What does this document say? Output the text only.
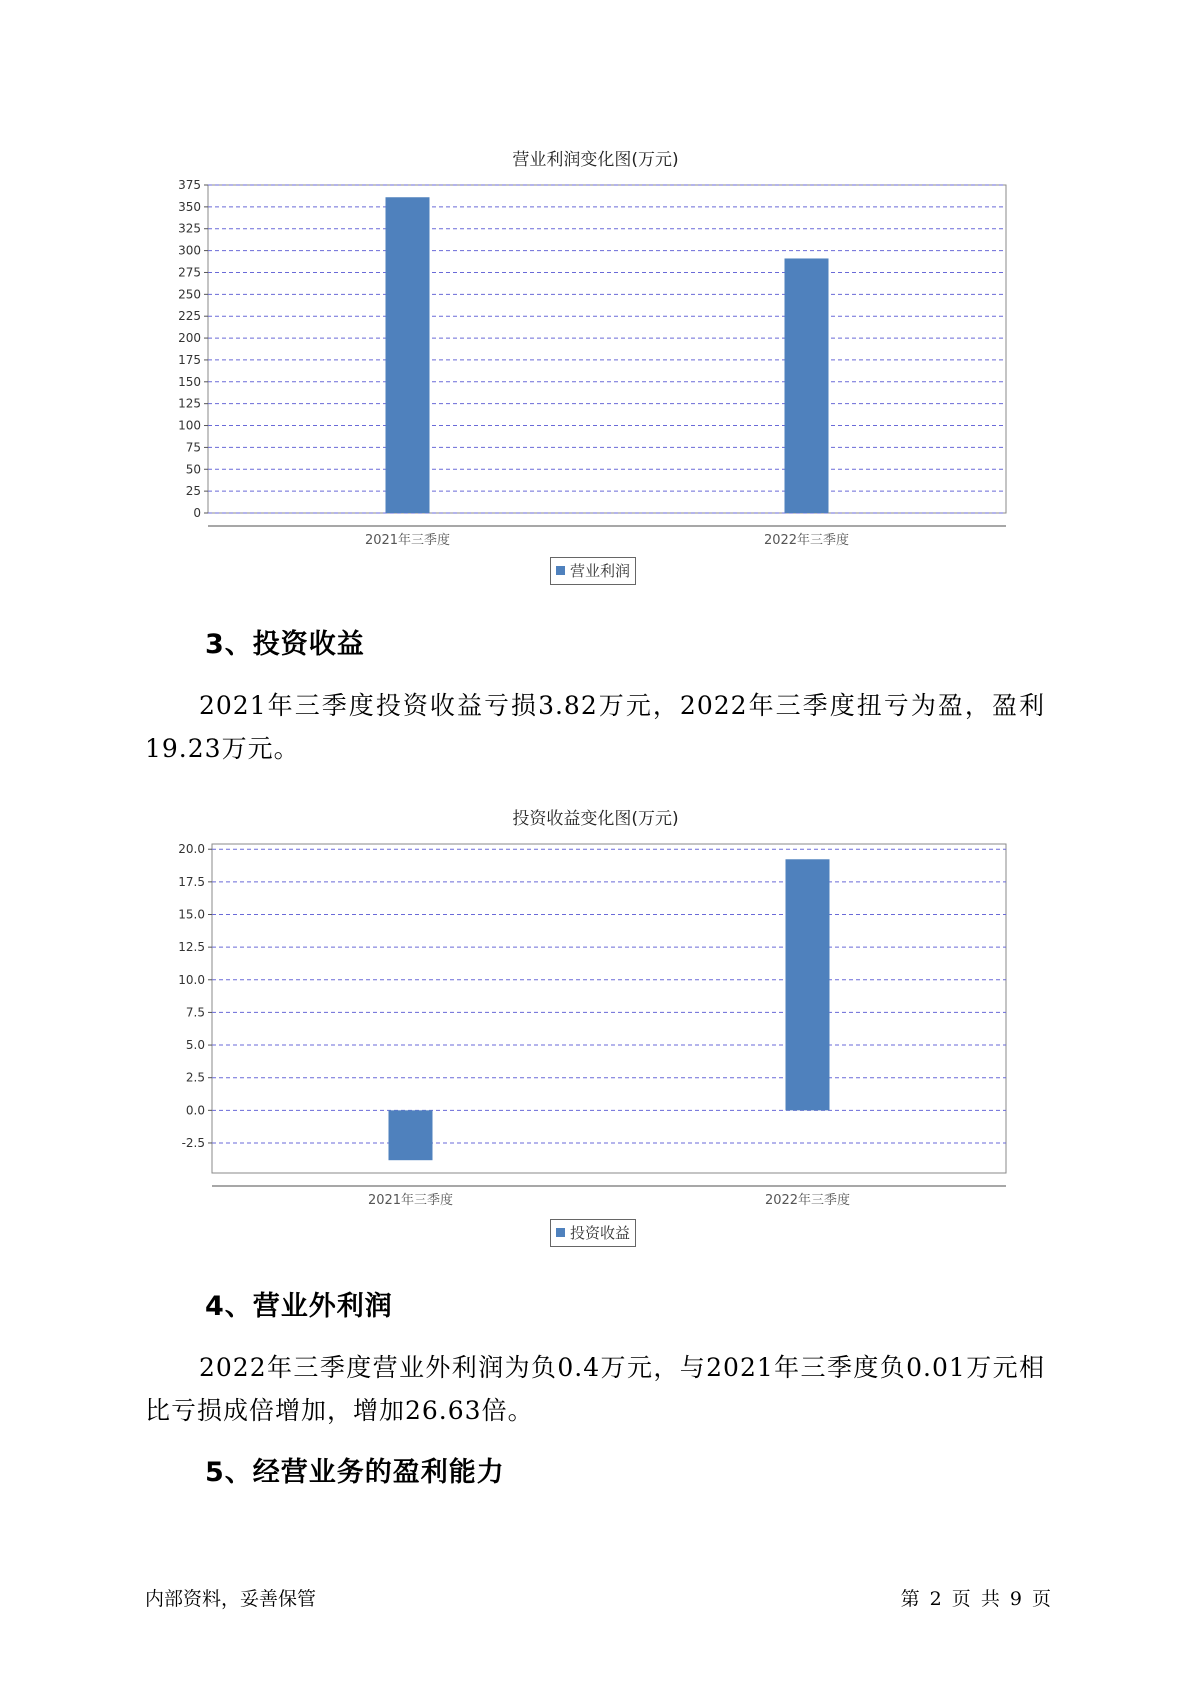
营业利润变化图(万元)
0
25
50
75
100
125
150
175
200
225
250
275
300
325
350
375
2021年三季度	2022年三季度
营业利润
3、投资收益
2021年三季度投资收益亏损3.82万元，2022年三季度扭亏为盈，盈利19.23万元。
投资收益变化图(万元)
-2.5
0.0
2.5
5.0
7.5
10.0
12.5
15.0
17.5
20.0
2021年三季度	2022年三季度
投资收益
4、营业外利润
2022年三季度营业外利润为负0.4万元，与2021年三季度负0.01万元相比亏损成倍增加，增加26.63倍。
5、经营业务的盈利能力
内部资料，妥善保管	第 2 页 共 9 页
